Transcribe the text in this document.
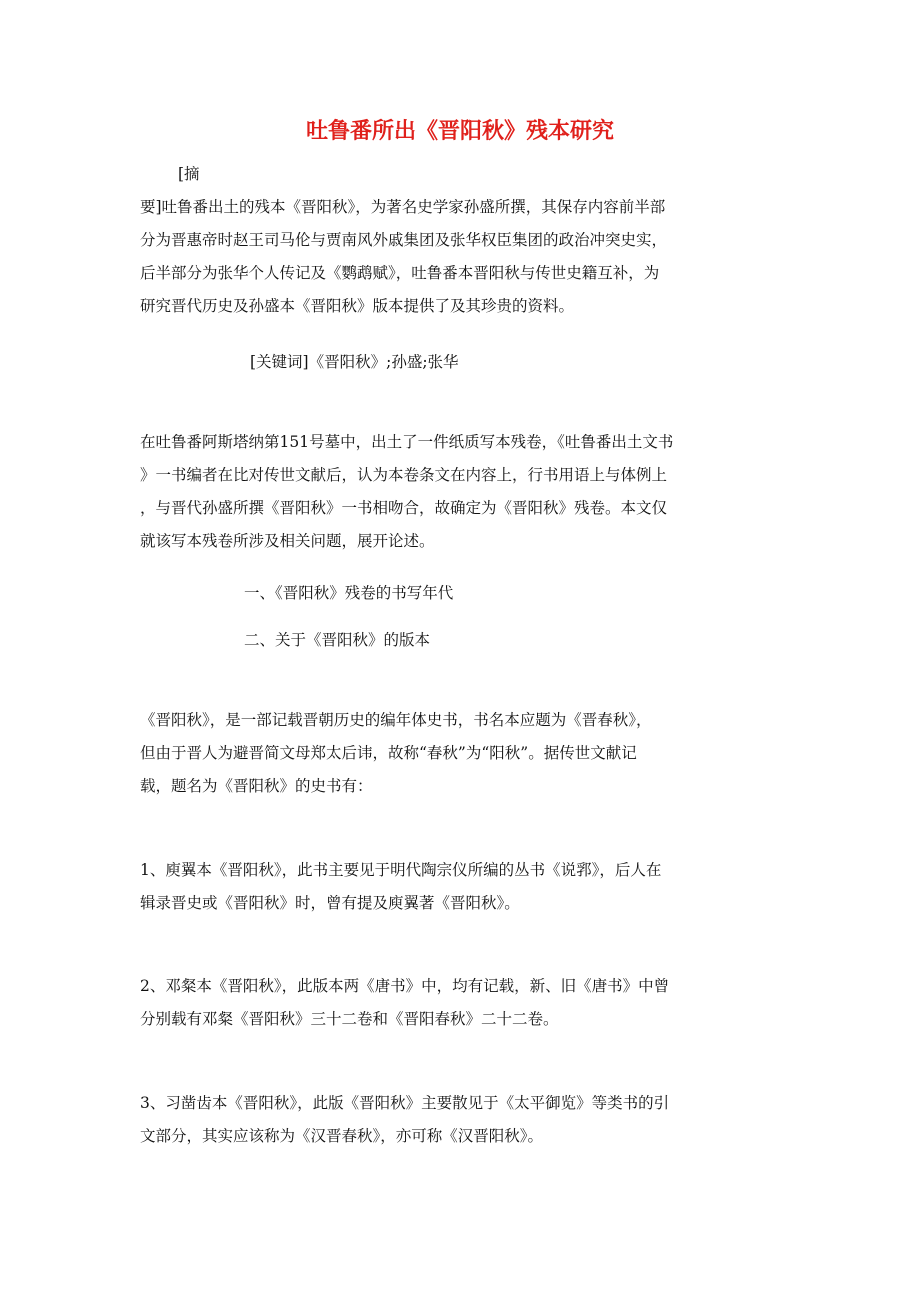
吐鲁番所出《晋阳秋》残本研究
[摘
要]吐鲁番出土的残本《晋阳秋》，为著名史学家孙盛所撰，其保存内容前半部
分为晋惠帝时赵王司马伦与贾南风外戚集团及张华权臣集团的政治冲突史实，
后半部分为张华个人传记及《鹦鹉赋》，吐鲁番本晋阳秋与传世史籍互补，为
研究晋代历史及孙盛本《晋阳秋》版本提供了及其珍贵的资料。
[关键词]《晋阳秋》;孙盛;张华
在吐鲁番阿斯塔纳第151号墓中，出土了一件纸质写本残卷，《吐鲁番出土文书
》一书编者在比对传世文献后，认为本卷条文在内容上，行书用语上与体例上
，与晋代孙盛所撰《晋阳秋》一书相吻合，故确定为《晋阳秋》残卷。本文仅
就该写本残卷所涉及相关问题，展开论述。
一、《晋阳秋》残卷的书写年代
二、关于《晋阳秋》的版本
《晋阳秋》，是一部记载晋朝历史的编年体史书，书名本应题为《晋春秋》，
但由于晋人为避晋简文母郑太后讳，故称“春秋”为“阳秋”。据传世文献记
载，题名为《晋阳秋》的史书有：
1、庾翼本《晋阳秋》，此书主要见于明代陶宗仪所编的丛书《说郛》，后人在
辑录晋史或《晋阳秋》时，曾有提及庾翼著《晋阳秋》。
2、邓粲本《晋阳秋》，此版本两《唐书》中，均有记载，新、旧《唐书》中曾
分别载有邓粲《晋阳秋》三十二卷和《晋阳春秋》二十二卷。
3、习凿齿本《晋阳秋》，此版《晋阳秋》主要散见于《太平御览》等类书的引
文部分，其实应该称为《汉晋春秋》，亦可称《汉晋阳秋》。
